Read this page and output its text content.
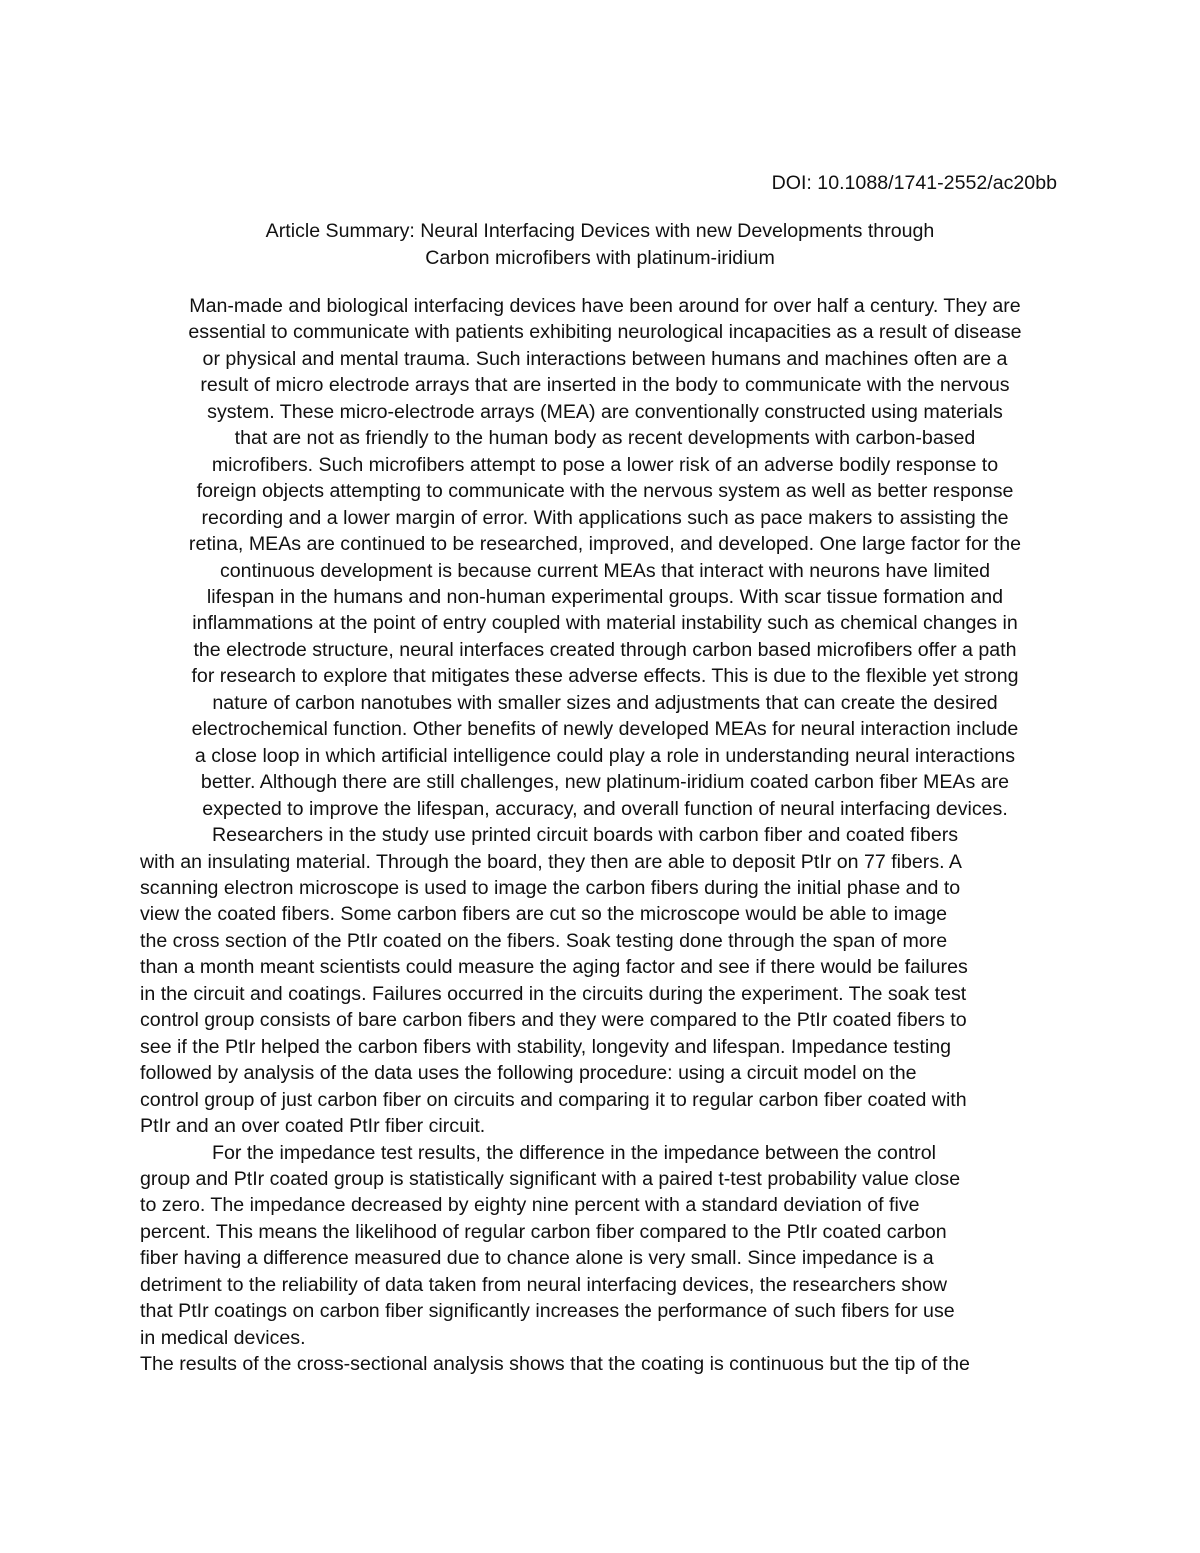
DOI: 10.1088/1741-2552/ac20bb
Article Summary: Neural Interfacing Devices with new Developments through
Carbon microfibers with platinum-iridium
Man-made and biological interfacing devices have been around for over half a century. They are
essential to communicate with patients exhibiting neurological incapacities as a result of disease
or physical and mental trauma. Such interactions between humans and machines often are a
result of micro electrode arrays that are inserted in the body to communicate with the nervous
system. These micro-electrode arrays (MEA) are conventionally constructed using materials
that are not as friendly to the human body as recent developments with carbon-based
microfibers. Such microfibers attempt to pose a lower risk of an adverse bodily response to
foreign objects attempting to communicate with the nervous system as well as better response
recording and a lower margin of error. With applications such as pace makers to assisting the
retina, MEAs are continued to be researched, improved, and developed. One large factor for the
continuous development is because current MEAs that interact with neurons have limited
lifespan in the humans and non-human experimental groups. With scar tissue formation and
inflammations at the point of entry coupled with material instability such as chemical changes in
the electrode structure, neural interfaces created through carbon based microfibers offer a path
for research to explore that mitigates these adverse effects. This is due to the flexible yet strong
nature of carbon nanotubes with smaller sizes and adjustments that can create the desired
electrochemical function. Other benefits of newly developed MEAs for neural interaction include
a close loop in which artificial intelligence could play a role in understanding neural interactions
better. Although there are still challenges, new platinum-iridium coated carbon fiber MEAs are
expected to improve the lifespan, accuracy, and overall function of neural interfacing devices.
Researchers in the study use printed circuit boards with carbon fiber and coated fibers
with an insulating material. Through the board, they then are able to deposit PtIr on 77 fibers. A
scanning electron microscope is used to image the carbon fibers during the initial phase and to
view the coated fibers. Some carbon fibers are cut so the microscope would be able to image
the cross section of the PtIr coated on the fibers. Soak testing done through the span of more
than a month meant scientists could measure the aging factor and see if there would be failures
in the circuit and coatings. Failures occurred in the circuits during the experiment. The soak test
control group consists of bare carbon fibers and they were compared to the PtIr coated fibers to
see if the PtIr helped the carbon fibers with stability, longevity and lifespan. Impedance testing
followed by analysis of the data uses the following procedure: using a circuit model on the
control group of just carbon fiber on circuits and comparing it to regular carbon fiber coated with
PtIr and an over coated PtIr fiber circuit.
For the impedance test results, the difference in the impedance between the control
group and PtIr coated group is statistically significant with a paired t-test probability value close
to zero. The impedance decreased by eighty nine percent with a standard deviation of five
percent. This means the likelihood of regular carbon fiber compared to the PtIr coated carbon
fiber having a difference measured due to chance alone is very small. Since impedance is a
detriment to the reliability of data taken from neural interfacing devices, the researchers show
that PtIr coatings on carbon fiber significantly increases the performance of such fibers for use
in medical devices.
The results of the cross-sectional analysis shows that the coating is continuous but the tip of the
